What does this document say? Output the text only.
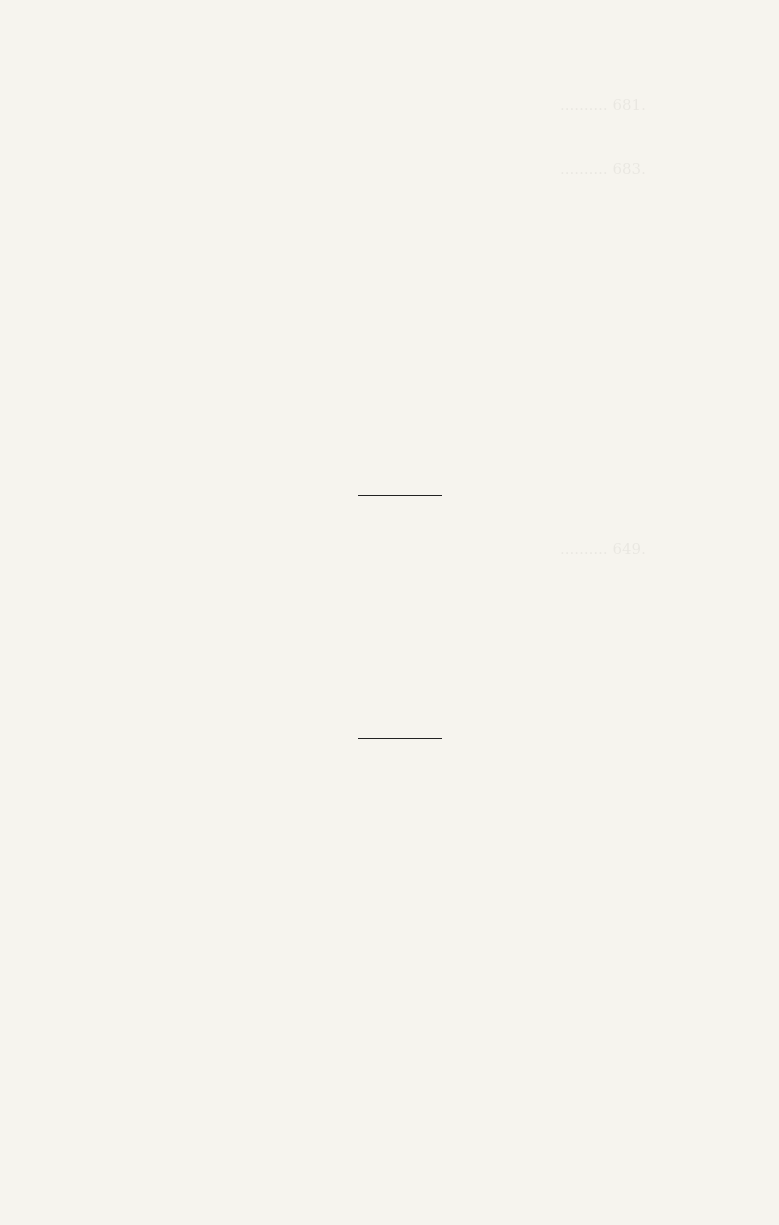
.......... 681.
.......... 683.
.......... 649.
